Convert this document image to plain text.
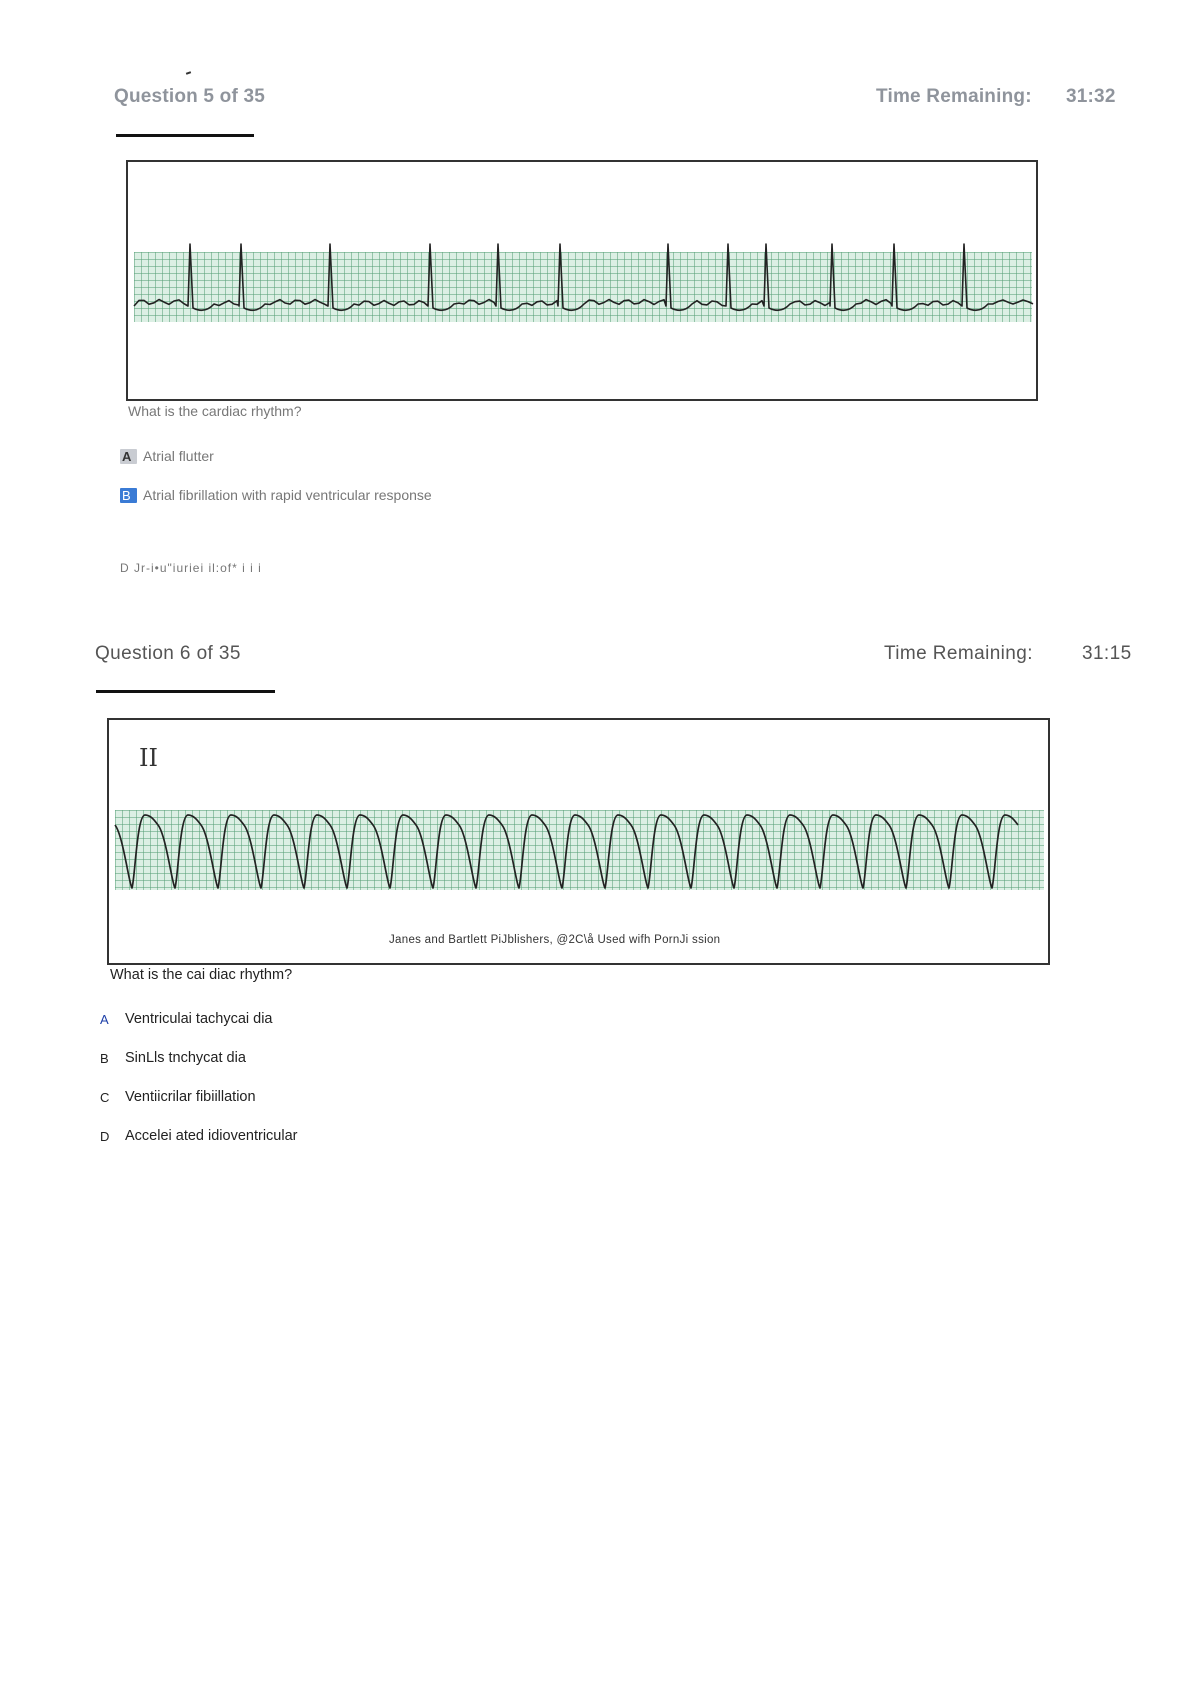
Question 5 of 35	Time Remaining: 31:32
What is the cardiac rhythm?
A Atrial flutter
B Atrial fibrillation with rapid ventricular response
D Jr-i•u"iuriei il:of* i i i
Question 6 of 35	Time Remaining:	31:15
II
Janes and Bartlett PiJblishers, @2C\å Used wifh PornJi ssion
What is the cai diac rhythm?
A Ventriculai tachycai dia
B SinLls tnchycat dia
C Ventiicrilar fibiillation
D Accelei ated idioventricular
